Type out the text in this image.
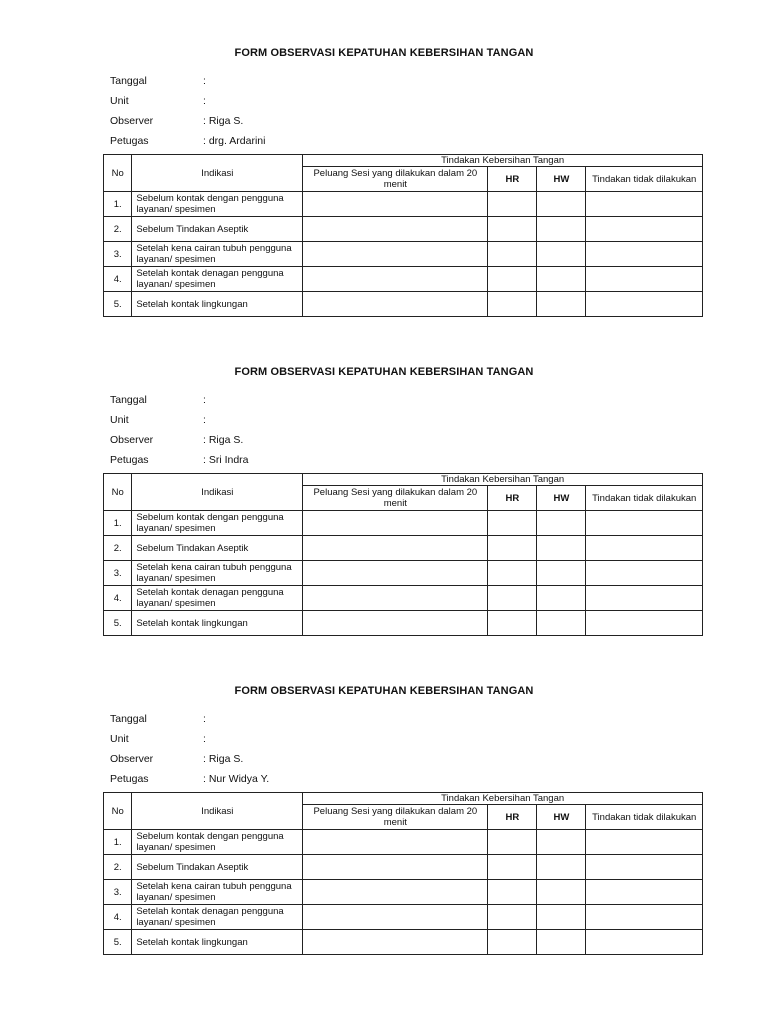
FORM OBSERVASI KEPATUHAN KEBERSIHAN TANGAN
Tanggal	:
Unit	:
Observer	: Riga S.
Petugas	: drg. Ardarini
No	Indikasi	Tindakan Kebersihan Tangan			
		Peluang Sesi yang dilakukan dalam 20 menit	HR	HW	Tindakan tidak dilakukan
1.	Sebelum kontak dengan pengguna layanan/ spesimen				
2.	Sebelum Tindakan Aseptik				
3.	Setelah kena cairan tubuh pengguna layanan/ spesimen				
4.	Setelah kontak denagan pengguna layanan/ spesimen				
5.	Setelah kontak lingkungan				
FORM OBSERVASI KEPATUHAN KEBERSIHAN TANGAN
Tanggal	:
Unit	:
Observer	: Riga S.
Petugas	: Sri Indra
No	Indikasi	Tindakan Kebersihan Tangan			
		Peluang Sesi yang dilakukan dalam 20 menit	HR	HW	Tindakan tidak dilakukan
1.	Sebelum kontak dengan pengguna layanan/ spesimen				
2.	Sebelum Tindakan Aseptik				
3.	Setelah kena cairan tubuh pengguna layanan/ spesimen				
4.	Setelah kontak denagan pengguna layanan/ spesimen				
5.	Setelah kontak lingkungan				
FORM OBSERVASI KEPATUHAN KEBERSIHAN TANGAN
Tanggal	:
Unit	:
Observer	: Riga S.
Petugas	: Nur Widya Y.
No	Indikasi	Tindakan Kebersihan Tangan			
		Peluang Sesi yang dilakukan dalam 20 menit	HR	HW	Tindakan tidak dilakukan
1.	Sebelum kontak dengan pengguna layanan/ spesimen				
2.	Sebelum Tindakan Aseptik				
3.	Setelah kena cairan tubuh pengguna layanan/ spesimen				
4.	Setelah kontak denagan pengguna layanan/ spesimen				
5.	Setelah kontak lingkungan				
